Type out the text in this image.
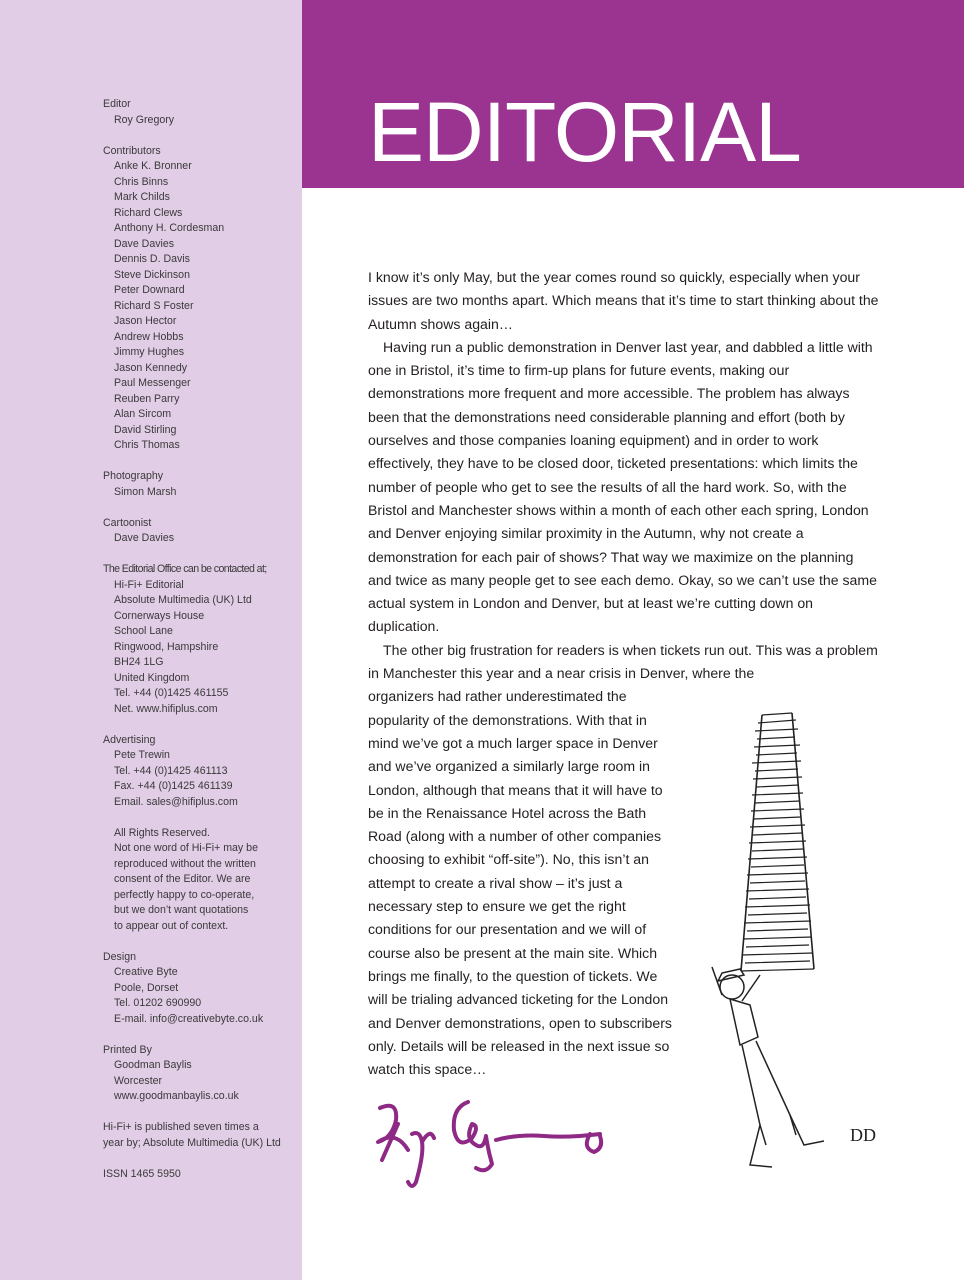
Editor
Roy Gregory
Contributors
Anke K. Bronner
Chris Binns
Mark Childs
Richard Clews
Anthony H. Cordesman
Dave Davies
Dennis D. Davis
Steve Dickinson
Peter Downard
Richard S Foster
Jason Hector
Andrew Hobbs
Jimmy Hughes
Jason Kennedy
Paul Messenger
Reuben Parry
Alan Sircom
David Stirling
Chris Thomas
Photography
Simon Marsh
Cartoonist
Dave Davies
The Editorial Office can be contacted at;
Hi-Fi+ Editorial
Absolute Multimedia (UK) Ltd
Cornerways House
School Lane
Ringwood, Hampshire
BH24 1LG
United Kingdom
Tel. +44 (0)1425 461155
Net. www.hifiplus.com
Advertising
Pete Trewin
Tel. +44 (0)1425 461113
Fax. +44 (0)1425 461139
Email. sales@hifiplus.com
All Rights Reserved.
Not one word of Hi-Fi+ may be
reproduced without the written
consent of the Editor. We are
perfectly happy to co-operate,
but we don’t want quotations
to appear out of context.
Design
Creative Byte
Poole, Dorset
Tel. 01202 690990
E-mail. info@creativebyte.co.uk
Printed By
Goodman Baylis
Worcester
www.goodmanbaylis.co.uk
Hi-Fi+ is published seven times a
year by; Absolute Multimedia (UK) Ltd
ISSN 1465 5950
EDITORIAL

I know it’s only May, but the year comes round so quickly, especially when your issues are two months apart. Which means that it’s time to start thinking about the Autumn shows again…

Having run a public demonstration in Denver last year, and dabbled a little with one in Bristol, it’s time to firm-up plans for future events, making our demonstrations more frequent and more accessible. The problem has always been that the demonstrations need considerable planning and effort (both by ourselves and those companies loaning equipment) and in order to work effectively, they have to be closed door, ticketed presentations: which limits the number of people who get to see the results of all the hard work. So, with the Bristol and Manchester shows within a month of each other each spring, London and Denver enjoying similar proximity in the Autumn, why not create a demonstration for each pair of shows? That way we maximize on the planning and twice as many people get to see each demo. Okay, so we can’t use the same actual system in London and Denver, but at least we’re cutting down on duplication.

The other big frustration for readers is when tickets run out. This was a problem in Manchester this year and a near crisis in Denver, where the

organizers had rather underestimated the popularity of the demonstrations. With that in mind we’ve got a much larger space in Denver and we’ve organized a similarly large room in London, although that means that it will have to be in the Renaissance Hotel across the Bath Road (along with a number of other companies choosing to exhibit “off-site”). No, this isn’t an attempt to create a rival show – it’s just a necessary step to ensure we get the right conditions for our presentation and we will of course also be present at the main site. Which brings me finally, to the question of tickets. We will be trialing advanced ticketing for the London and Denver demonstrations, open to subscribers only. Details will be released in the next issue so watch this space…

DD
